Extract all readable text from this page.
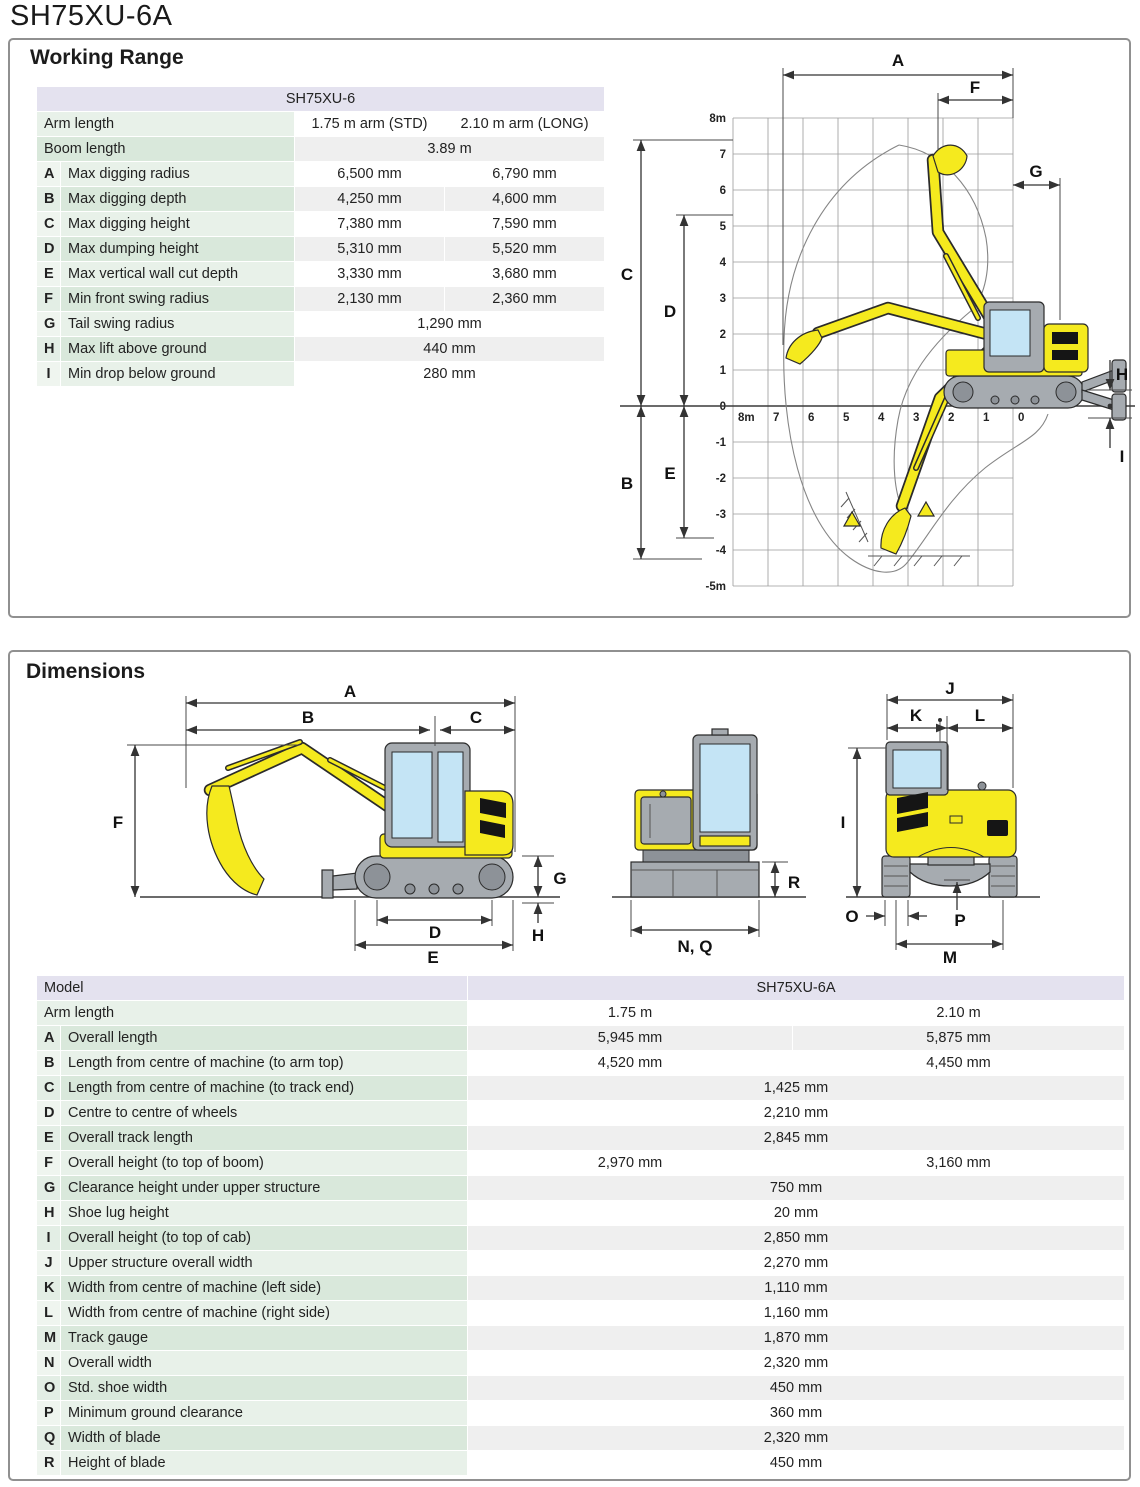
SH75XU-6A
Working Range
SH75XU-6			
Arm length		1.75 m arm (STD)	2.10 m arm (LONG)
Boom length		3.89 m	
A	Max digging radius	6,500 mm	6,790 mm
B	Max digging depth	4,250 mm	4,600 mm
C	Max digging height	7,380 mm	7,590 mm
D	Max dumping height	5,310 mm	5,520 mm
E	Max vertical wall cut depth	3,330 mm	3,680 mm
F	Min front swing radius	2,130 mm	2,360 mm
G	Tail swing radius	1,290 mm	
H	Max lift above ground	440 mm	
I	Min drop below ground	280 mm	
8m
7
6
5
4
3
2
1
0
-1
-2
-3
-4
-5m
8m 7 6 5 4 3 2 1 0
A
F
G
C
D
B
E
H
I
Dimensions
A
B	C
F
G
H
D
E
R
N, Q
J
K	L
I
O	P
M
Model		SH75XU-6A	
Arm length		1.75 m	2.10 m
A	Overall length	5,945 mm	5,875 mm
B	Length from centre of machine (to arm top)	4,520 mm	4,450 mm
C	Length from centre of machine (to track end)	1,425 mm	
D	Centre to centre of wheels	2,210 mm	
E	Overall track length	2,845 mm	
F	Overall height (to top of boom)	2,970 mm	3,160 mm
G	Clearance height under upper structure	750 mm	
H	Shoe lug height	20 mm	
I	Overall height (to top of cab)	2,850 mm	
J	Upper structure overall width	2,270 mm	
K	Width from centre of machine (left side)	1,110 mm	
L	Width from centre of machine (right side)	1,160 mm	
M	Track gauge	1,870 mm	
N	Overall width	2,320 mm	
O	Std. shoe width	450 mm	
P	Minimum ground clearance	360 mm	
Q	Width of blade	2,320 mm	
R	Height of blade	450 mm	
